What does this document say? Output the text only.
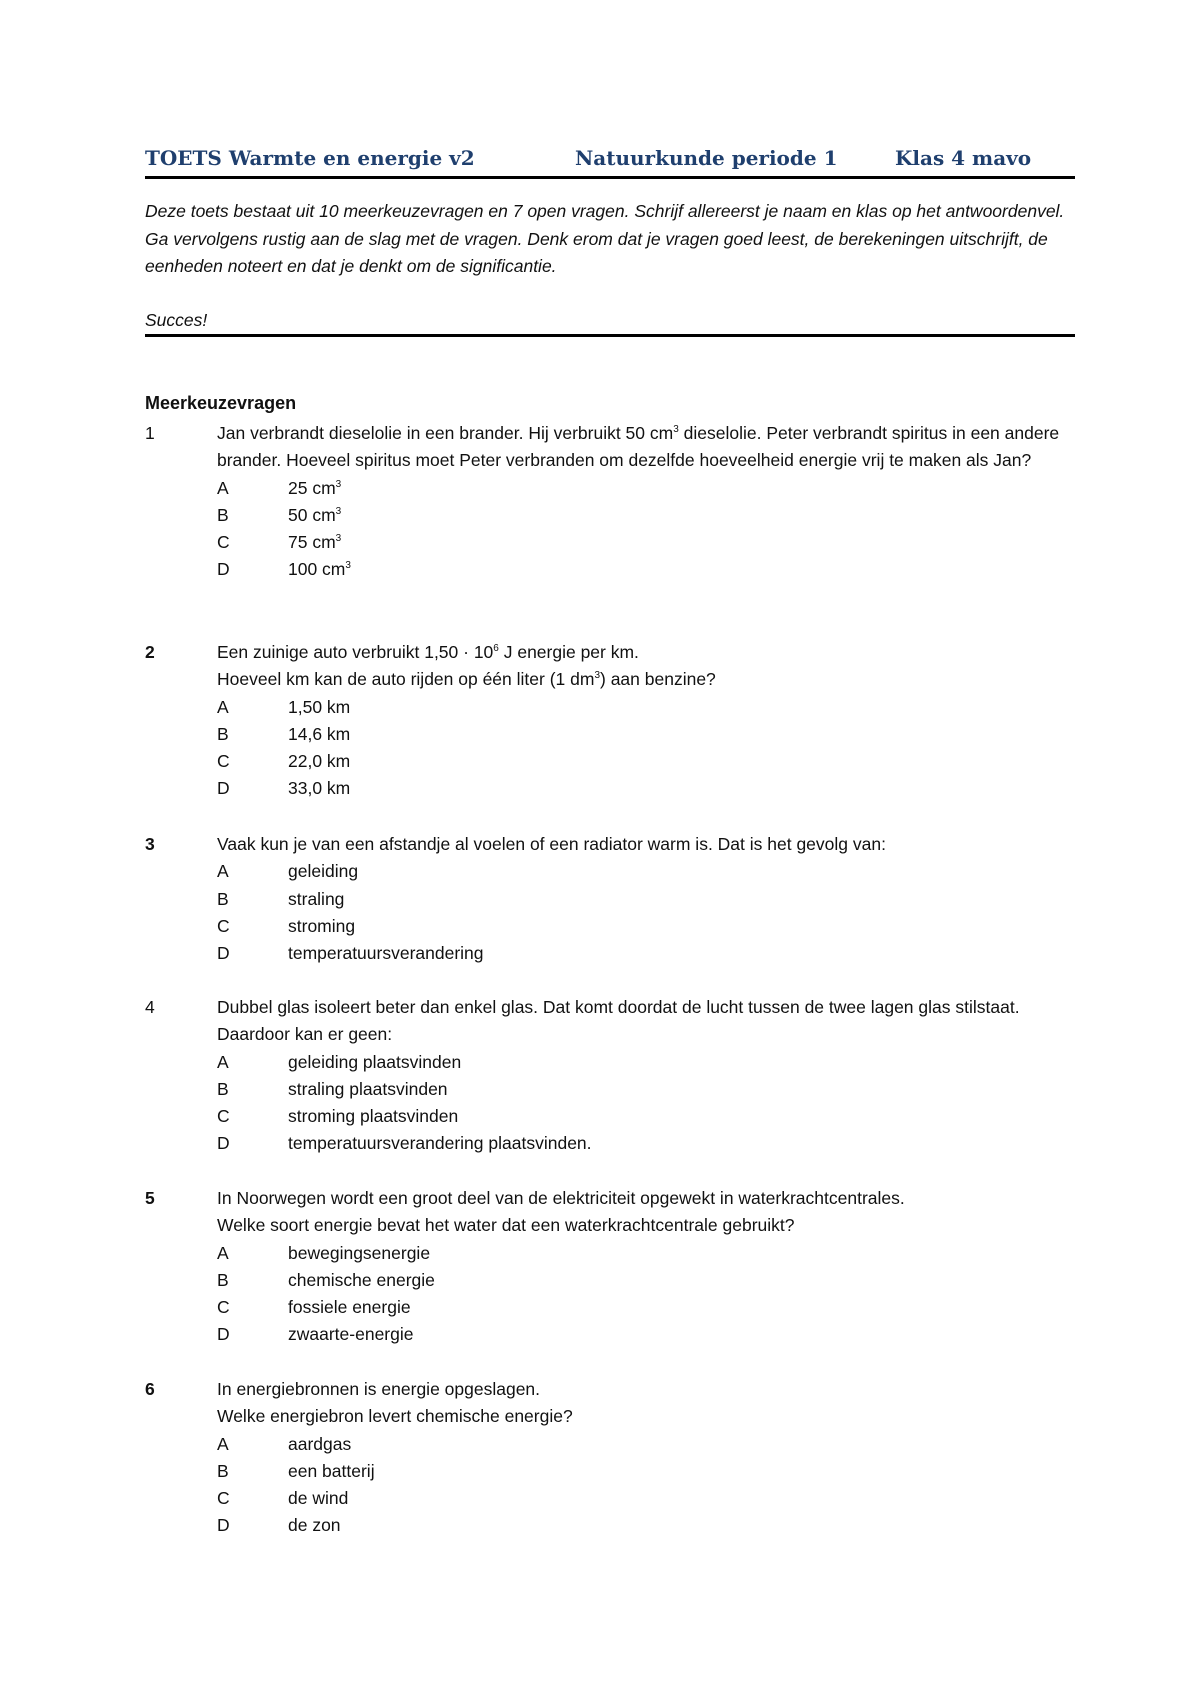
TOETS Warmte en energie v2	Natuurkunde periode 1	Klas 4 mavo

Deze toets bestaat uit 10 meerkeuzevragen en 7 open vragen. Schrijf allereerst je naam en klas op het antwoordenvel. Ga vervolgens rustig aan de slag met de vragen. Denk erom dat je vragen goed leest, de berekeningen uitschrijft, de eenheden noteert en dat je denkt om de significantie.

Succes!

Meerkeuzevragen
1	Jan verbrandt dieselolie in een brander. Hij verbruikt 50 $cm^3$ dieselolie. Peter verbrandt spiritus in een andere brander. Hoeveel spiritus moet Peter verbranden om dezelfde hoeveelheid energie vrij te maken als Jan?

A	25 $cm^3$
B	50 $cm^3$
C	75 $cm^3$
D	100 $cm^3$
2	Een zuinige auto verbruikt $1,50 \cdot 10^6$ J energie per km.

Hoeveel km kan de auto rijden op één liter (1 $dm^3$) aan benzine?

A	1,50 km
B	14,6 km
C	22,0 km
D	33,0 km
3	Vaak kun je van een afstandje al voelen of een radiator warm is. Dat is het gevolg van:

A	geleiding
B	straling
C	stroming
D	temperatuursverandering
4	Dubbel glas isoleert beter dan enkel glas. Dat komt doordat de lucht tussen de twee lagen glas stilstaat. Daardoor kan er geen:

A	geleiding plaatsvinden
B	straling plaatsvinden
C	stroming plaatsvinden
D	temperatuursverandering plaatsvinden.
5	In Noorwegen wordt een groot deel van de elektriciteit opgewekt in waterkrachtcentrales.

Welke soort energie bevat het water dat een waterkrachtcentrale gebruikt?

A	bewegingsenergie
B	chemische energie
C	fossiele energie
D	zwaarte-energie
6	In energiebronnen is energie opgeslagen.

Welke energiebron levert chemische energie?

A	aardgas
B	een batterij
C	de wind
D	de zon
